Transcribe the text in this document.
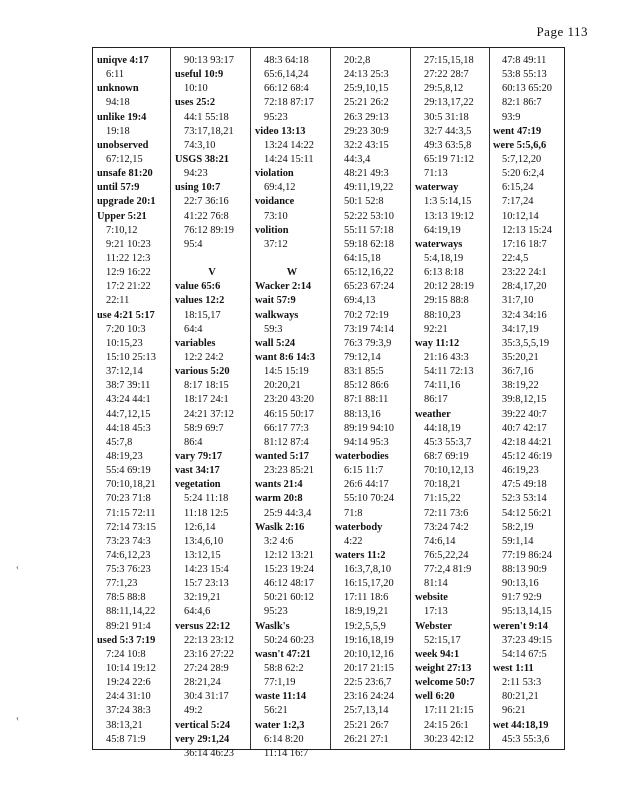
Page 113
‹
‹
uniqve 4:17
6:11
unknown
94:18
unlike 19:4
19:18
unobserved
67:12,15
unsafe 81:20
until 57:9
upgrade 20:1
Upper 5:21
7:10,12
9:21 10:23
11:22 12:3
12:9 16:22
17:2 21:22
22:11
use 4:21 5:17
7:20 10:3
10:15,23
15:10 25:13
37:12,14
38:7 39:11
43:24 44:1
44:7,12,15
44:18 45:3
45:7,8
48:19,23
55:4 69:19
70:10,18,21
70:23 71:8
71:15 72:11
72:14 73:15
73:23 74:3
74:6,12,23
75:3 76:23
77:1,23
78:5 88:8
88:11,14,22
89:21 91:4
used 5:3 7:19
7:24 10:8
10:14 19:12
19:24 22:6
24:4 31:10
37:24 38:3
38:13,21
45:8 71:9
90:13 93:17
useful 10:9
10:10
uses 25:2
44:1 55:18
73:17,18,21
74:3,10
USGS 38:21
94:23
using 10:7
22:7 36:16
41:22 76:8
76:12 89:19
95:4
V
value 65:6
values 12:2
18:15,17
64:4
variables
12:2 24:2
various 5:20
8:17 18:15
18:17 24:1
24:21 37:12
58:9 69:7
86:4
vary 79:17
vast 34:17
vegetation
5:24 11:18
11:18 12:5
12:6,14
13:4,6,10
13:12,15
14:23 15:4
15:7 23:13
32:19,21
64:4,6
versus 22:12
22:13 23:12
23:16 27:22
27:24 28:9
28:21,24
30:4 31:17
49:2
vertical 5:24
very 29:1,24
36:14 46:23
48:3 64:18
65:6,14,24
66:12 68:4
72:18 87:17
95:23
video 13:13
13:24 14:22
14:24 15:11
violation
69:4,12
voidance
73:10
volition
37:12
W
Wacker 2:14
wait 57:9
walkways
59:3
wall 5:24
want 8:6 14:3
14:5 15:19
20:20,21
23:20 43:20
46:15 50:17
66:17 77:3
81:12 87:4
wanted 5:17
23:23 85:21
wants 21:4
warm 20:8
25:9 44:3,4
Waslk 2:16
3:2 4:6
12:12 13:21
15:23 19:24
46:12 48:17
50:21 60:12
95:23
Waslk's
50:24 60:23
wasn't 47:21
58:8 62:2
77:1,19
waste 11:14
56:21
water 1:2,3
6:14 8:20
11:14 16:7
20:2,8
24:13 25:3
25:9,10,15
25:21 26:2
26:3 29:13
29:23 30:9
32:2 43:15
44:3,4
48:21 49:3
49:11,19,22
50:1 52:8
52:22 53:10
55:11 57:18
59:18 62:18
64:15,18
65:12,16,22
65:23 67:24
69:4,13
70:2 72:19
73:19 74:14
76:3 79:3,9
79:12,14
83:1 85:5
85:12 86:6
87:1 88:11
88:13,16
89:19 94:10
94:14 95:3
waterbodies
6:15 11:7
26:6 44:17
55:10 70:24
71:8
waterbody
4:22
waters 11:2
16:3,7,8,10
16:15,17,20
17:11 18:6
18:9,19,21
19:2,5,5,9
19:16,18,19
20:10,12,16
20:17 21:15
22:5 23:6,7
23:16 24:24
25:7,13,14
25:21 26:7
26:21 27:1
27:15,15,18
27:22 28:7
29:5,8,12
29:13,17,22
30:5 31:18
32:7 44:3,5
49:3 63:5,8
65:19 71:12
71:13
waterway
1:3 5:14,15
13:13 19:12
64:19,19
waterways
5:4,18,19
6:13 8:18
20:12 28:19
29:15 88:8
88:10,23
92:21
way 11:12
21:16 43:3
54:11 72:13
74:11,16
86:17
weather
44:18,19
45:3 55:3,7
68:7 69:19
70:10,12,13
70:18,21
71:15,22
72:11 73:6
73:24 74:2
74:6,14
76:5,22,24
77:2,4 81:9
81:14
website
17:13
Webster
52:15,17
week 94:1
weight 27:13
welcome 50:7
well 6:20
17:11 21:15
24:15 26:1
30:23 42:12
47:8 49:11
53:8 55:13
60:13 65:20
82:1 86:7
93:9
went 47:19
were 5:5,6,6
5:7,12,20
5:20 6:2,4
6:15,24
7:17,24
10:12,14
12:13 15:24
17:16 18:7
22:4,5
23:22 24:1
28:4,17,20
31:7,10
32:4 34:16
34:17,19
35:3,5,5,19
35:20,21
36:7,16
38:19,22
39:8,12,15
39:22 40:7
40:7 42:17
42:18 44:21
45:12 46:19
46:19,23
47:5 49:18
52:3 53:14
54:12 56:21
58:2,19
59:1,14
77:19 86:24
88:13 90:9
90:13,16
91:7 92:9
95:13,14,15
weren't 9:14
37:23 49:15
54:14 67:5
west 1:11
2:11 53:3
80:21,21
96:21
wet 44:18,19
45:3 55:3,6
